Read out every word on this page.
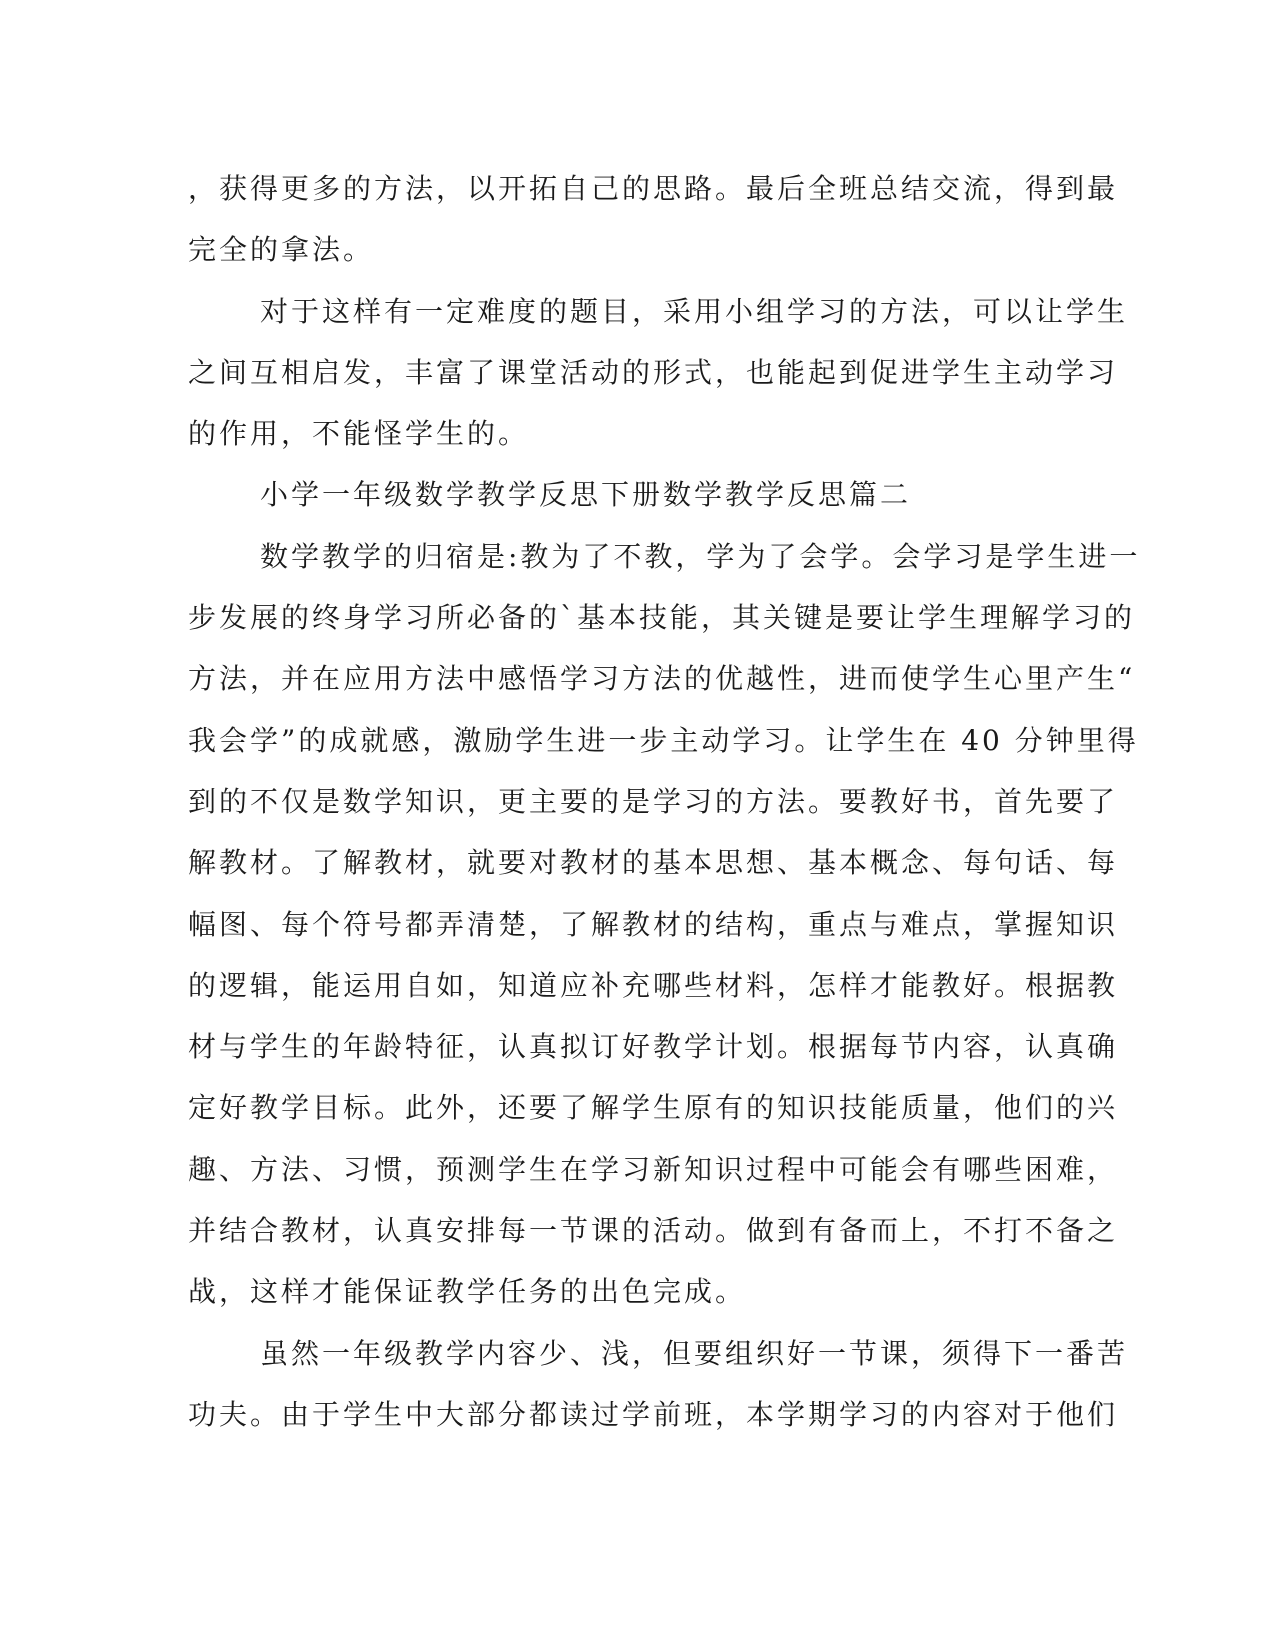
，获得更多的方法，以开拓自己的思路。最后全班总结交流，得到最
完全的拿法。
对于这样有一定难度的题目，采用小组学习的方法，可以让学生
之间互相启发，丰富了课堂活动的形式，也能起到促进学生主动学习
的作用，不能怪学生的。
小学一年级数学教学反思下册数学教学反思篇二
数学教学的归宿是:教为了不教，学为了会学。会学习是学生进一
步发展的终身学习所必备的`基本技能，其关键是要让学生理解学习的
方法，并在应用方法中感悟学习方法的优越性，进而使学生心里产生“
我会学”的成就感，激励学生进一步主动学习。让学生在 40 分钟里得
到的不仅是数学知识，更主要的是学习的方法。要教好书，首先要了
解教材。了解教材，就要对教材的基本思想、基本概念、每句话、每
幅图、每个符号都弄清楚，了解教材的结构，重点与难点，掌握知识
的逻辑，能运用自如，知道应补充哪些材料，怎样才能教好。根据教
材与学生的年龄特征，认真拟订好教学计划。根据每节内容，认真确
定好教学目标。此外，还要了解学生原有的知识技能质量，他们的兴
趣、方法、习惯，预测学生在学习新知识过程中可能会有哪些困难，
并结合教材，认真安排每一节课的活动。做到有备而上，不打不备之
战，这样才能保证教学任务的出色完成。
虽然一年级教学内容少、浅，但要组织好一节课，须得下一番苦
功夫。由于学生中大部分都读过学前班，本学期学习的内容对于他们
